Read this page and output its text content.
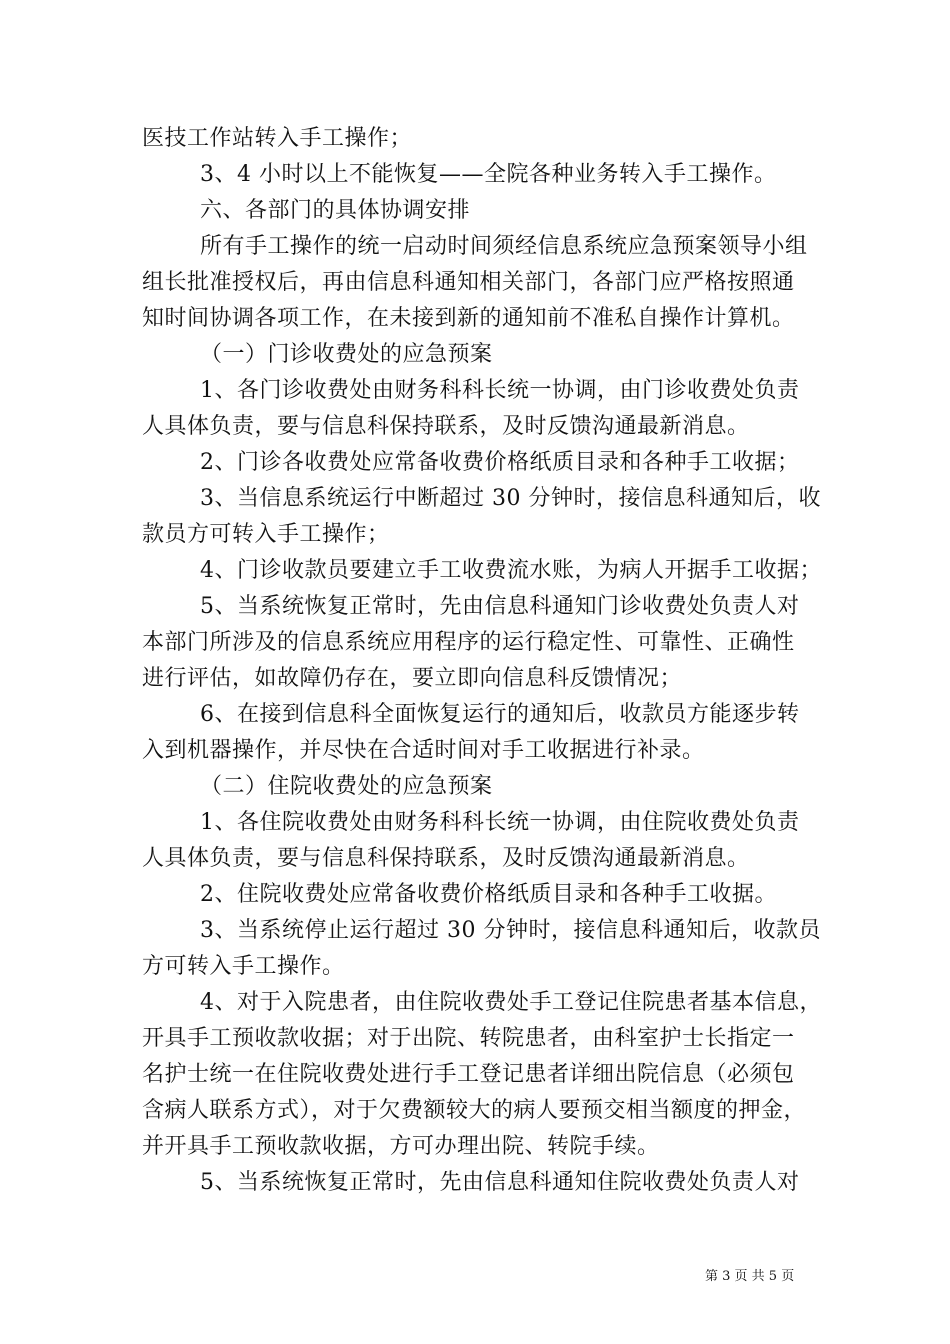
医技工作站转入手工操作；
3、4 小时以上不能恢复——全院各种业务转入手工操作。
六、各部门的具体协调安排
所有手工操作的统一启动时间须经信息系统应急预案领导小组
组长批准授权后，再由信息科通知相关部门，各部门应严格按照通
知时间协调各项工作，在未接到新的通知前不准私自操作计算机。
（一）门诊收费处的应急预案
1、各门诊收费处由财务科科长统一协调，由门诊收费处负责
人具体负责，要与信息科保持联系，及时反馈沟通最新消息。
2、门诊各收费处应常备收费价格纸质目录和各种手工收据；
3、当信息系统运行中断超过 30 分钟时，接信息科通知后，收
款员方可转入手工操作；
4、门诊收款员要建立手工收费流水账，为病人开据手工收据；
5、当系统恢复正常时，先由信息科通知门诊收费处负责人对
本部门所涉及的信息系统应用程序的运行稳定性、可靠性、正确性
进行评估，如故障仍存在，要立即向信息科反馈情况；
6、在接到信息科全面恢复运行的通知后，收款员方能逐步转
入到机器操作，并尽快在合适时间对手工收据进行补录。
（二）住院收费处的应急预案
1、各住院收费处由财务科科长统一协调，由住院收费处负责
人具体负责，要与信息科保持联系，及时反馈沟通最新消息。
2、住院收费处应常备收费价格纸质目录和各种手工收据。
3、当系统停止运行超过 30 分钟时，接信息科通知后，收款员
方可转入手工操作。
4、对于入院患者，由住院收费处手工登记住院患者基本信息，
开具手工预收款收据；对于出院、转院患者，由科室护士长指定一
名护士统一在住院收费处进行手工登记患者详细出院信息（必须包
含病人联系方式），对于欠费额较大的病人要预交相当额度的押金，
并开具手工预收款收据，方可办理出院、转院手续。
5、当系统恢复正常时，先由信息科通知住院收费处负责人对
第 3 页 共 5 页
